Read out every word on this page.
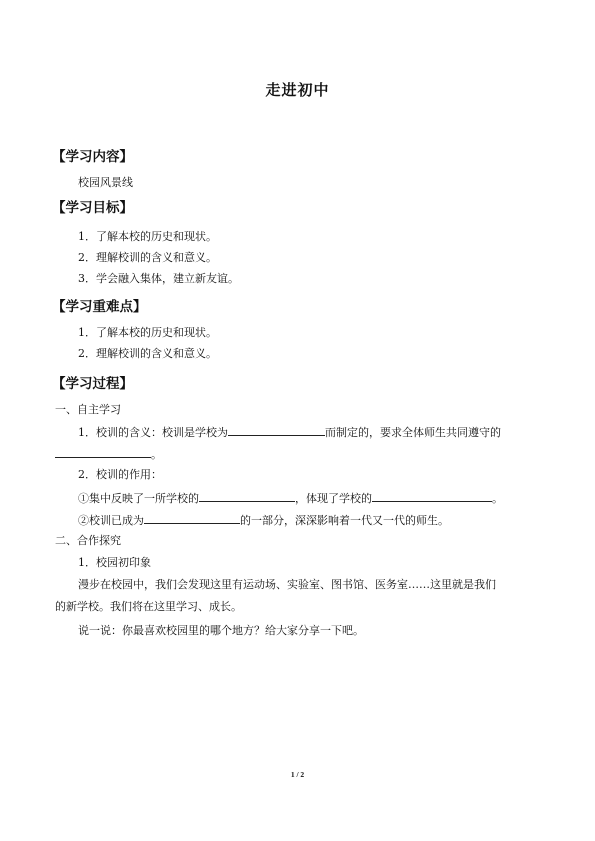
走进初中
【学习内容】
校园风景线
【学习目标】
1．了解本校的历史和现状。
2．理解校训的含义和意义。
3．学会融入集体，建立新友谊。
【学习重难点】
1．了解本校的历史和现状。
2．理解校训的含义和意义。
【学习过程】
一、自主学习
1．校训的含义：校训是学校为	而制定的，要求全体师生共同遵守的
。
2．校训的作用：
①集中反映了一所学校的	，体现了学校的	。
②校训已成为	的一部分，深深影响着一代又一代的师生。
二、合作探究
1．校园初印象
漫步在校园中，我们会发现这里有运动场、实验室、图书馆、医务室……这里就是我们
的新学校。我们将在这里学习、成长。
说一说：你最喜欢校园里的哪个地方？给大家分享一下吧。
1 / 2
